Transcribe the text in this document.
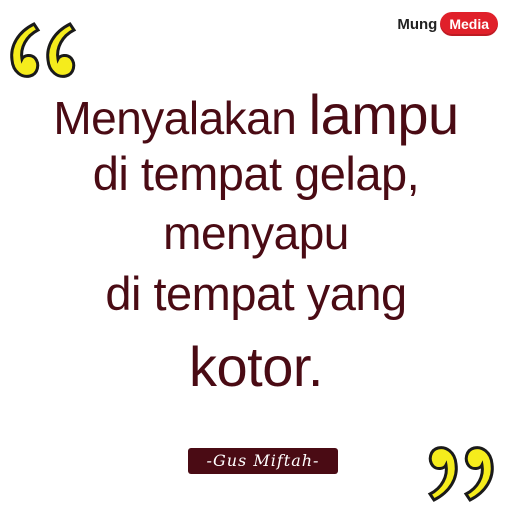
Mung Media
Menyalakan lampu
di tempat gelap,
menyapu
di tempat yang
kotor.
-Gus Miftah-
